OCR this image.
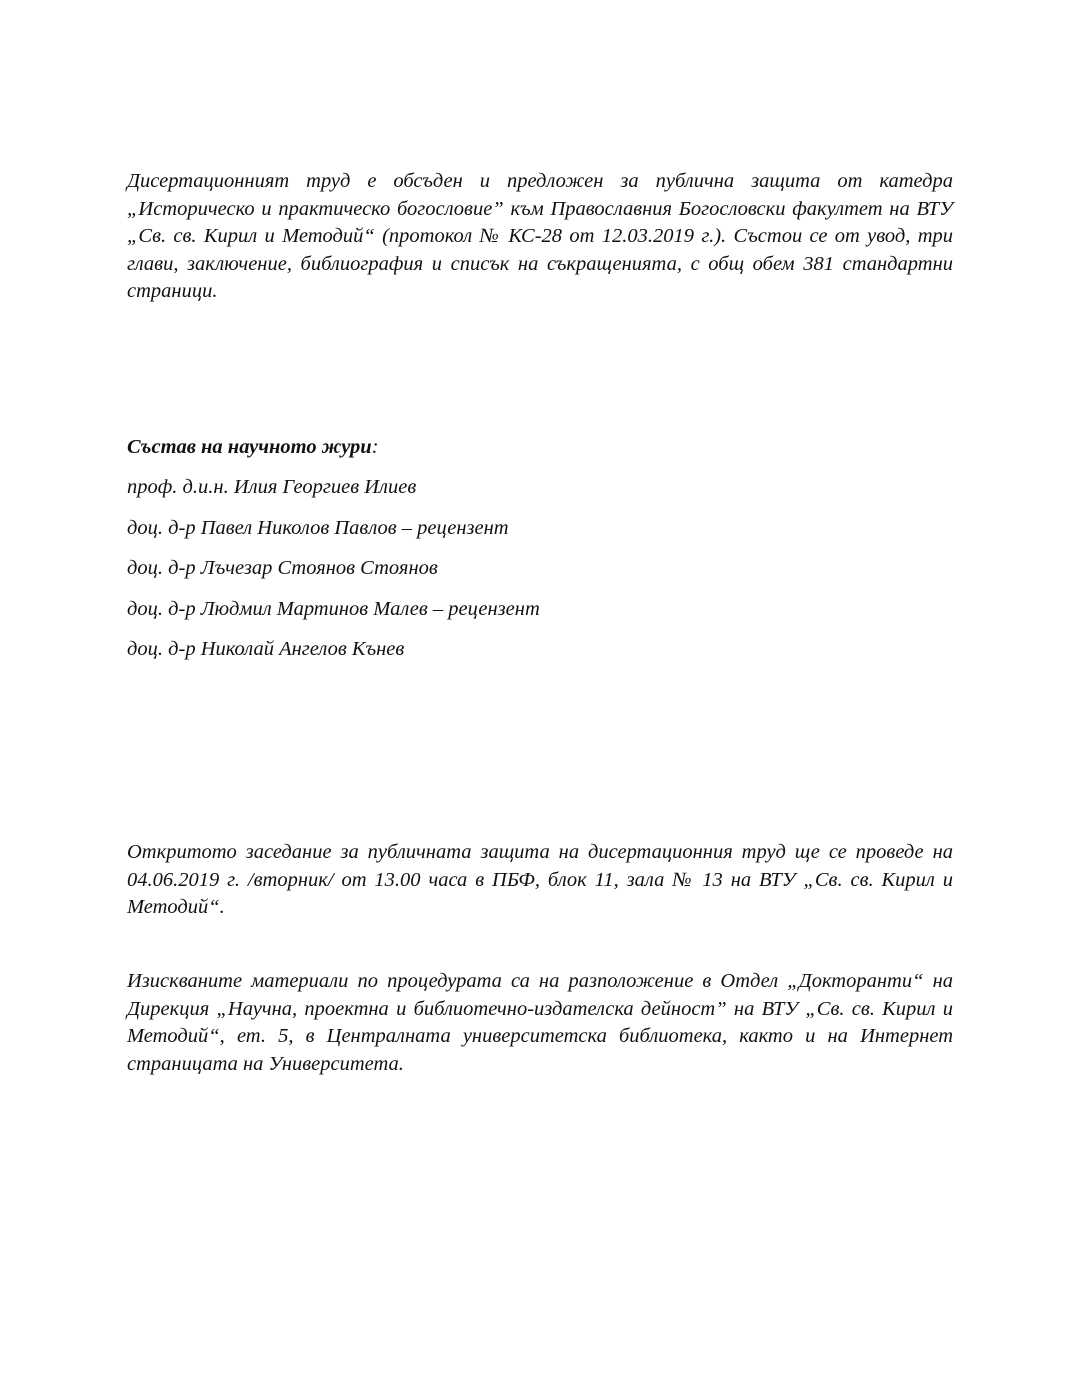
Дисертационният труд е обсъден и предложен за публична защита от катедра „Историческо и практическо богословие” към Православния Богословски факултет на ВТУ „Св. св. Кирил и Методий“ (протокол № КС-28 от 12.03.2019 г.). Състои се от увод, три глави, заключение, библиография и списък на съкращенията, с общ обем 381 стандартни страници.

Състав на научното жури:
проф. д.и.н. Илия Георгиев Илиев
доц. д-р Павел Николов Павлов – рецензент
доц. д-р Лъчезар Стоянов Стоянов
доц. д-р Людмил Мартинов Малев – рецензент
доц. д-р Николай Ангелов Кънев

Откритото заседание за публичната защита на дисертационния труд ще се проведе на 04.06.2019 г. /вторник/ от 13.00 часа в ПБФ, блок 11, зала № 13 на ВТУ „Св. св. Кирил и Методий“.

Изискваните материали по процедурата са на разположение в Отдел „Докторанти“ на Дирекция „Научна, проектна и библиотечно-издателска дейност” на ВТУ „Св. св. Кирил и Методий“, ет. 5, в Централната университетска библиотека, както и на Интернет страницата на Университета.
